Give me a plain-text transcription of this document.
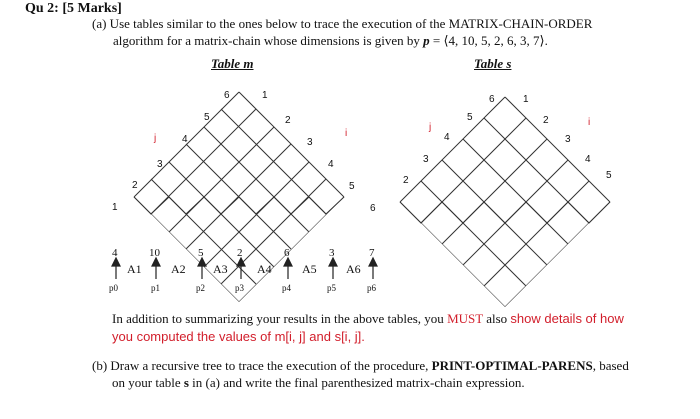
Qu 2: [5 Marks]
(a) Use tables similar to the ones below to trace the execution of the MATRIX-CHAIN-ORDER
algorithm for a matrix-chain whose dimensions is given by p = ⟨4, 10, 5, 2, 6, 3, 7⟩.
Table m	Table s
6
5
4
3
2
1
j
1
2
3
4
5
6
i
6
5
4
3
2
j
1
2
3
4
5
i
4	10	5	2	6	3	7
A1 A2 A3 A4	A5 A6
p0	p1	p2	p3	p4	p5	p6
In addition to summarizing your results in the above tables, you MUST also show details of how
you computed the values of m[i, j] and s[i, j].
(b) Draw a recursive tree to trace the execution of the procedure, PRINT-OPTIMAL-PARENS, based
on your table s in (a) and write the final parenthesized matrix-chain expression.
